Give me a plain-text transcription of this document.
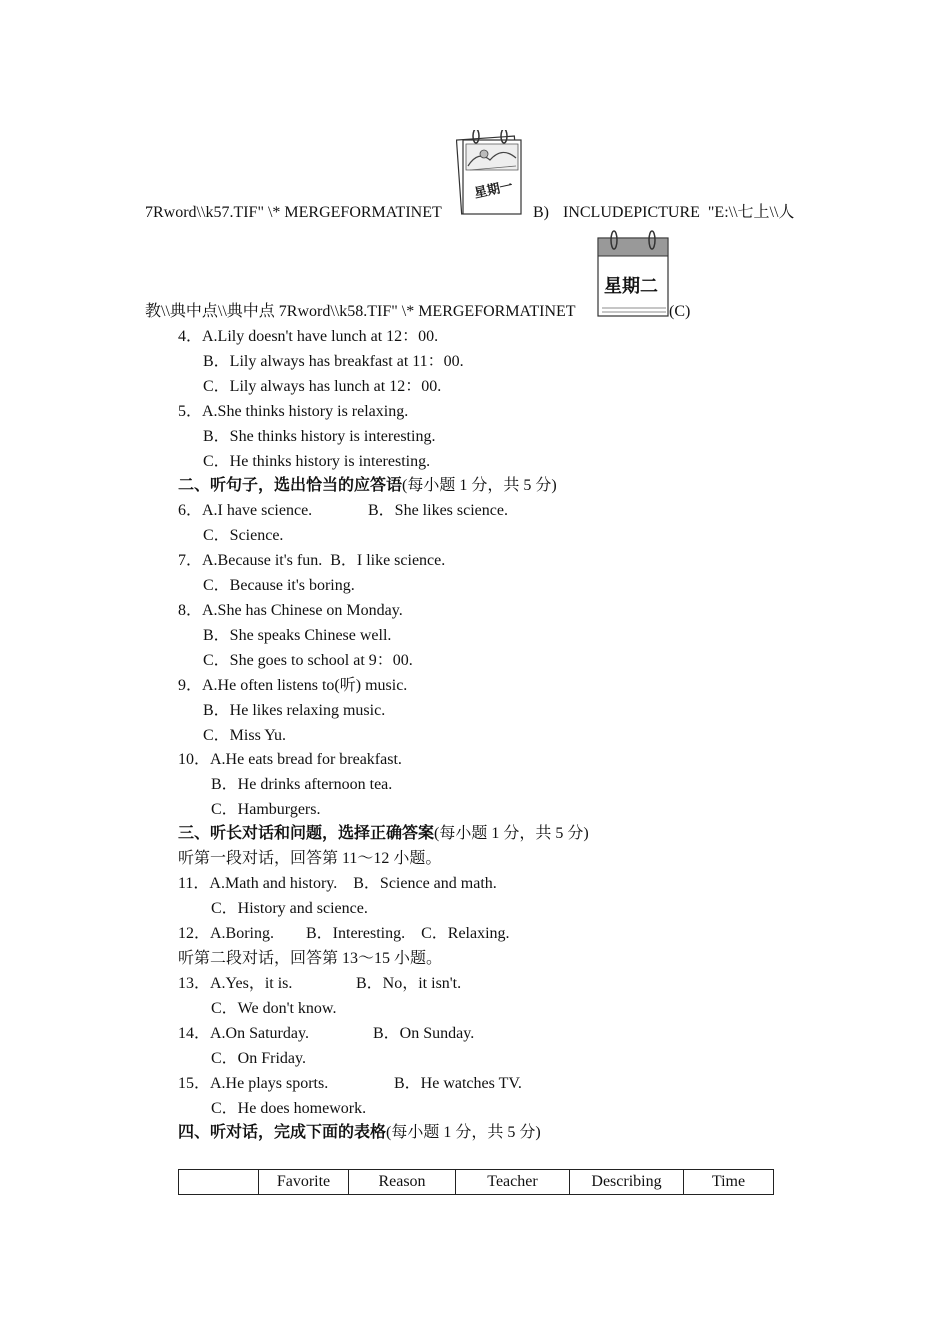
星期一
7Rword\\k57.TIF" \* MERGEFORMATINET	B) INCLUDEPICTURE  "E:\\七上\\人
星期二
教\\典中点\\典中点 7Rword\\k58.TIF" \* MERGEFORMATINET	(C)
4．A.Lily doesn't have lunch at 12：00.
B．Lily always has breakfast at 11：00.
C．Lily always has lunch at 12：00.
5．A.She thinks history is relaxing.
B．She thinks history is interesting.
C．He thinks history is interesting.
二、听句子，选出恰当的应答语(每小题 1 分，共 5 分)
6．A.I have science.	B．She likes science.
C．Science.
7．A.Because it's fun.  B．I like science.
C．Because it's boring.
8．A.She has Chinese on Monday.
B．She speaks Chinese well.
C．She goes to school at 9：00.
9．A.He often listens to(听) music.
B．He likes relaxing music.
C．Miss Yu.
10．A.He eats bread for breakfast.
B．He drinks afternoon tea.
C．Hamburgers.
三、听长对话和问题，选择正确答案(每小题 1 分，共 5 分)
听第一段对话，回答第 11～12 小题。
11．A.Math and history.    B．Science and math.
C．History and science.
12．A.Boring.        B．Interesting.    C．Relaxing.
听第二段对话，回答第 13～15 小题。
13．A.Yes，it is.	B．No，it isn't.
C．We don't know.
14．A.On Saturday.	B．On Sunday.
C．On Friday.
15．A.He plays sports.	B．He watches TV.
C．He does homework.
四、听对话，完成下面的表格(每小题 1 分，共 5 分)
	Favorite	Reason	Teacher	Describing	Time
